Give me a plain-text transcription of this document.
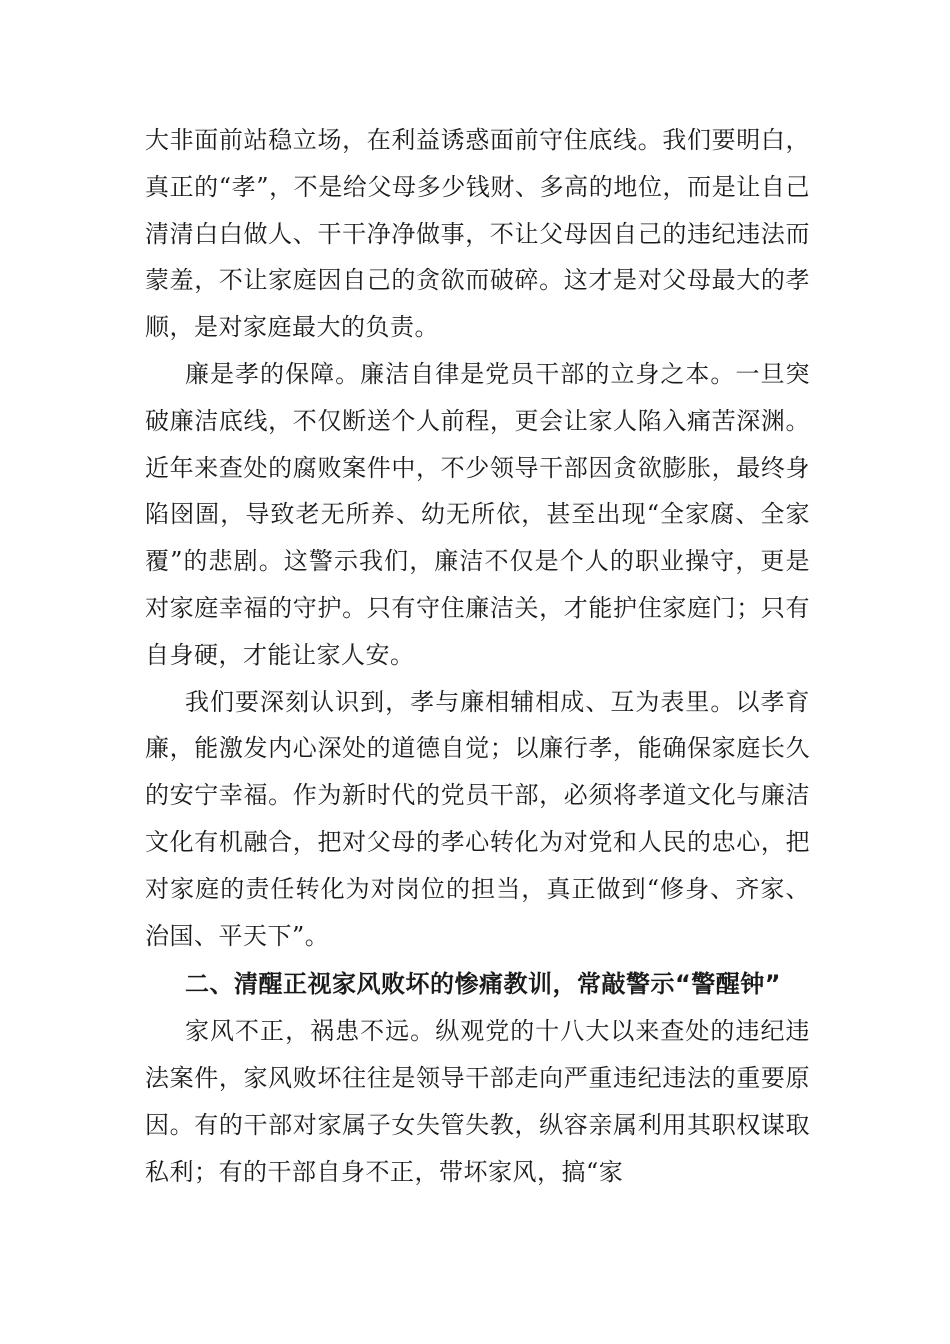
大非面前站稳立场，在利益诱惑面前守住底线。我们要明白，真正的“孝”，不是给父母多少钱财、多高的地位，而是让自己清清白白做人、干干净净做事，不让父母因自己的违纪违法而蒙羞，不让家庭因自己的贪欲而破碎。这才是对父母最大的孝顺，是对家庭最大的负责。

廉是孝的保障。廉洁自律是党员干部的立身之本。一旦突破廉洁底线，不仅断送个人前程，更会让家人陷入痛苦深渊。近年来查处的腐败案件中，不少领导干部因贪欲膨胀，最终身陷囹圄，导致老无所养、幼无所依，甚至出现“全家腐、全家覆”的悲剧。这警示我们，廉洁不仅是个人的职业操守，更是对家庭幸福的守护。只有守住廉洁关，才能护住家庭门；只有自身硬，才能让家人安。

我们要深刻认识到，孝与廉相辅相成、互为表里。以孝育廉，能激发内心深处的道德自觉；以廉行孝，能确保家庭长久的安宁幸福。作为新时代的党员干部，必须将孝道文化与廉洁文化有机融合，把对父母的孝心转化为对党和人民的忠心，把对家庭的责任转化为对岗位的担当，真正做到“修身、齐家、治国、平天下”。

二、清醒正视家风败坏的惨痛教训，常敲警示“警醒钟”

家风不正，祸患不远。纵观党的十八大以来查处的违纪违法案件，家风败坏往往是领导干部走向严重违纪违法的重要原因。有的干部对家属子女失管失教，纵容亲属利用其职权谋取私利；有的干部自身不正，带坏家风，搞“家
